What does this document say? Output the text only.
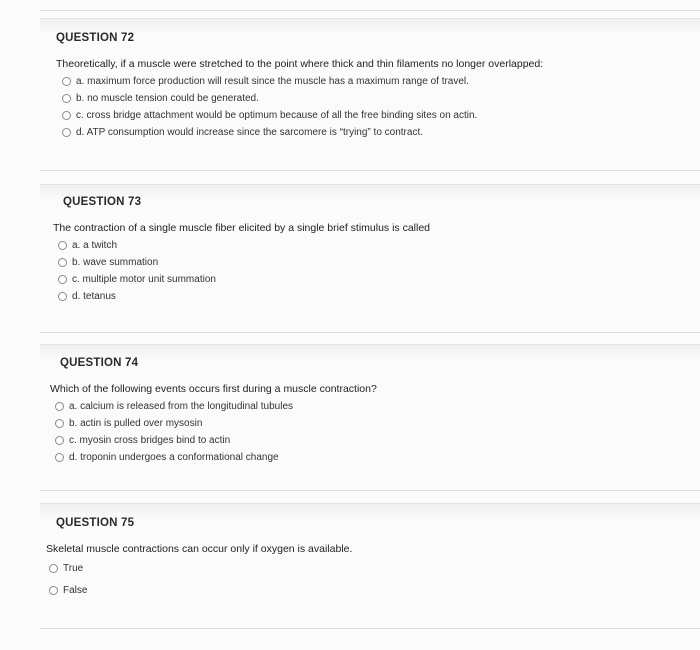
QUESTION 72
Theoretically, if a muscle were stretched to the point where thick and thin filaments no longer overlapped:
a. maximum force production will result since the muscle has a maximum range of travel.
b. no muscle tension could be generated.
c. cross bridge attachment would be optimum because of all the free binding sites on actin.
d. ATP consumption would increase since the sarcomere is “trying” to contract.
QUESTION 73
The contraction of a single muscle fiber elicited by a single brief stimulus is called
a. a twitch
b. wave summation
c. multiple motor unit summation
d. tetanus
QUESTION 74
Which of the following events occurs first during a muscle contraction?
a. calcium is released from the longitudinal tubules
b. actin is pulled over mysosin
c. myosin cross bridges bind to actin
d. troponin undergoes a conformational change
QUESTION 75
Skeletal muscle contractions can occur only if oxygen is available.
True
False
